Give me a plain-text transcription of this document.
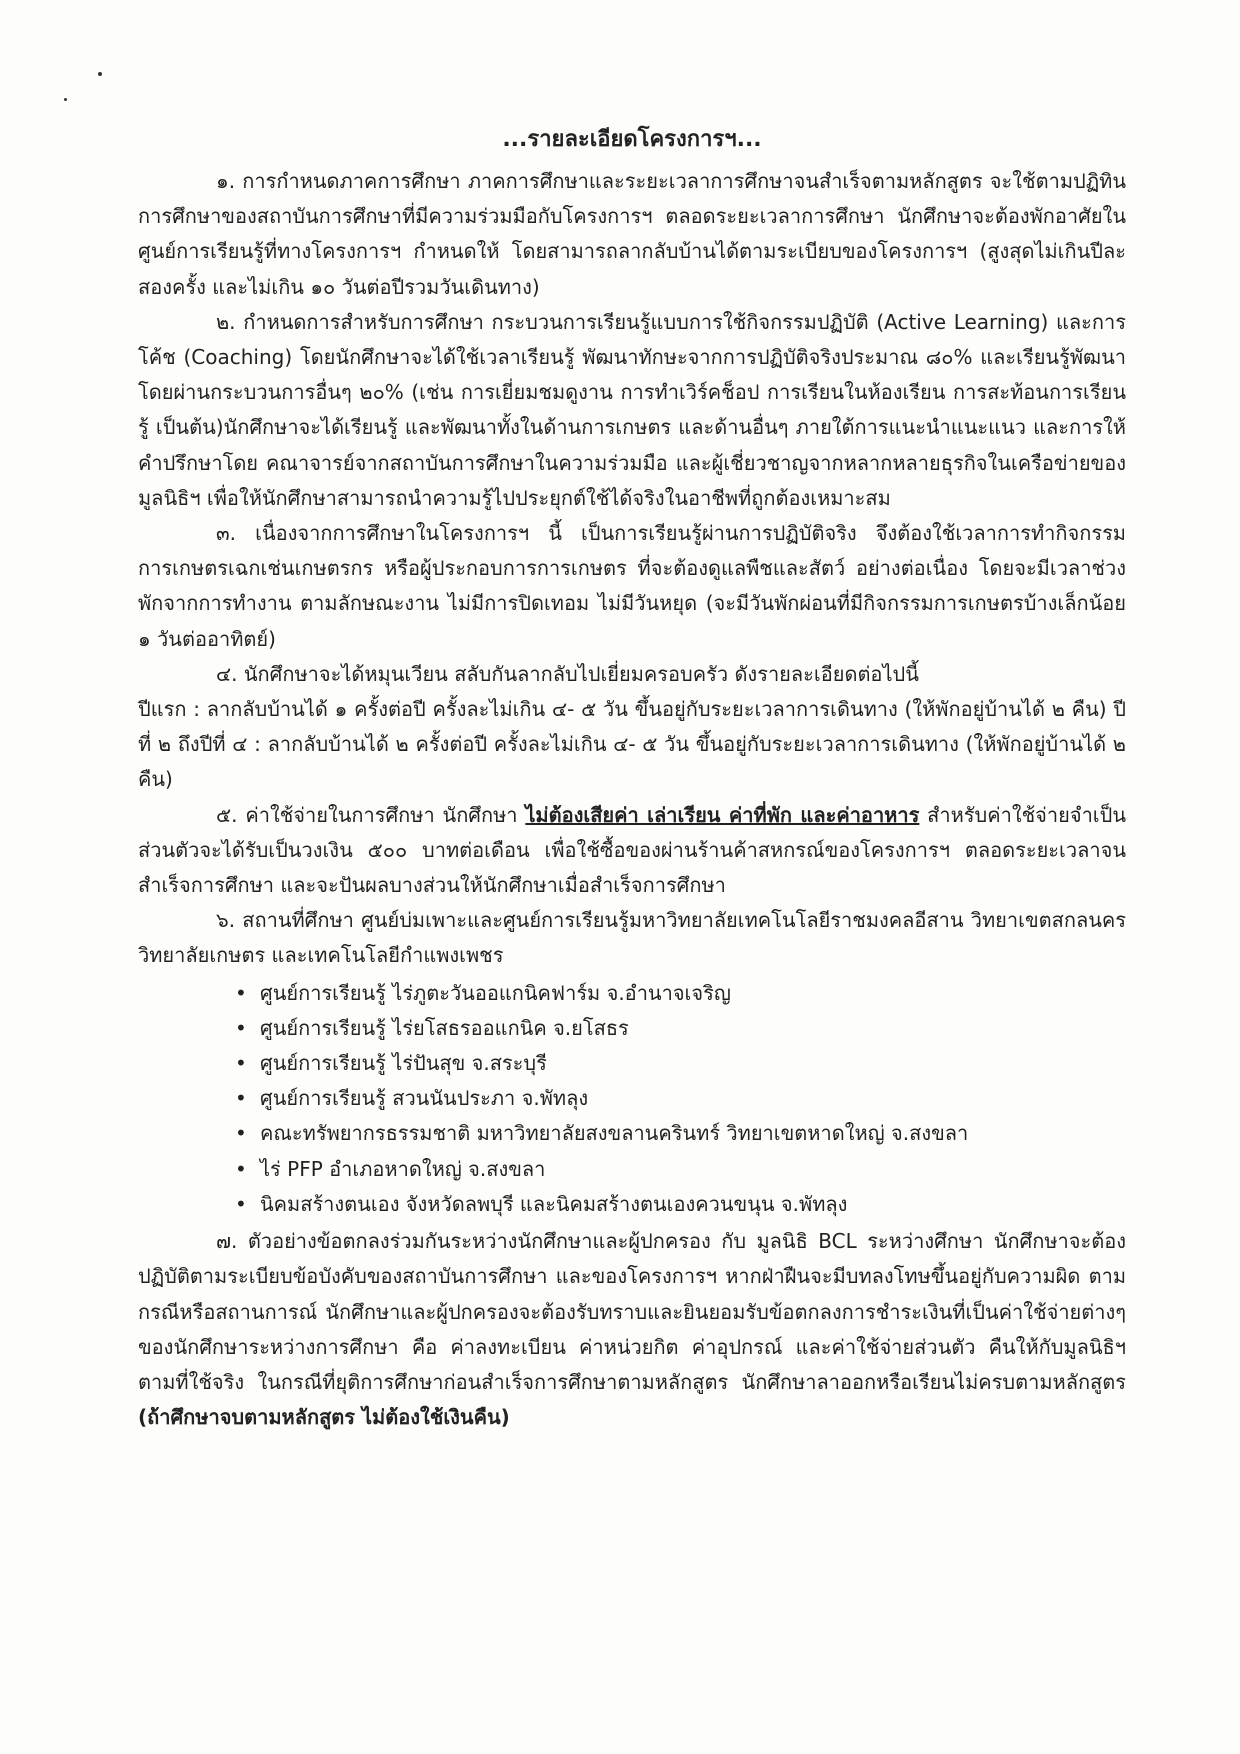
...รายละเอียดโครงการฯ...

๑. การกำหนดภาคการศึกษา ภาคการศึกษาและระยะเวลาการศึกษาจนสำเร็จตามหลักสูตร จะใช้ตามปฏิทินการศึกษาของสถาบันการศึกษาที่มีความร่วมมือกับโครงการฯ ตลอดระยะเวลาการศึกษา นักศึกษาจะต้องพักอาศัยในศูนย์การเรียนรู้ที่ทางโครงการฯ กำหนดให้ โดยสามารถลากลับบ้านได้ตามระเบียบของโครงการฯ (สูงสุดไม่เกินปีละสองครั้ง และไม่เกิน ๑๐ วันต่อปีรวมวันเดินทาง)

๒. กำหนดการสำหรับการศึกษา กระบวนการเรียนรู้แบบการใช้กิจกรรมปฏิบัติ (Active Learning) และการโค้ช (Coaching) โดยนักศึกษาจะได้ใช้เวลาเรียนรู้ พัฒนาทักษะจากการปฏิบัติจริงประมาณ ๘๐% และเรียนรู้พัฒนาโดยผ่านกระบวนการอื่นๆ ๒๐% (เช่น การเยี่ยมชมดูงาน การทำเวิร์คช็อป การเรียนในห้องเรียน การสะท้อนการเรียนรู้ เป็นต้น)นักศึกษาจะได้เรียนรู้ และพัฒนาทั้งในด้านการเกษตร และด้านอื่นๆ ภายใต้การแนะนำแนะแนว และการให้คำปรึกษาโดย คณาจารย์จากสถาบันการศึกษาในความร่วมมือ และผู้เชี่ยวชาญจากหลากหลายธุรกิจในเครือข่ายของมูลนิธิฯ เพื่อให้นักศึกษาสามารถนำความรู้ไปประยุกต์ใช้ได้จริงในอาชีพที่ถูกต้องเหมาะสม

๓. เนื่องจากการศึกษาในโครงการฯ นี้ เป็นการเรียนรู้ผ่านการปฏิบัติจริง จึงต้องใช้เวลาการทำกิจกรรมการเกษตรเฉกเช่นเกษตรกร หรือผู้ประกอบการการเกษตร ที่จะต้องดูแลพืชและสัตว์ อย่างต่อเนื่อง โดยจะมีเวลาช่วงพักจากการทำงาน ตามลักษณะงาน ไม่มีการปิดเทอม ไม่มีวันหยุด (จะมีวันพักผ่อนที่มีกิจกรรมการเกษตรบ้างเล็กน้อย ๑ วันต่ออาทิตย์)

๔. นักศึกษาจะได้หมุนเวียน สลับกันลากลับไปเยี่ยมครอบครัว ดังรายละเอียดต่อไปนี้

ปีแรก : ลากลับบ้านได้ ๑ ครั้งต่อปี ครั้งละไม่เกิน ๔- ๕ วัน ขึ้นอยู่กับระยะเวลาการเดินทาง (ให้พักอยู่บ้านได้ ๒ คืน) ปีที่ ๒ ถึงปีที่ ๔ : ลากลับบ้านได้ ๒ ครั้งต่อปี ครั้งละไม่เกิน ๔- ๕ วัน ขึ้นอยู่กับระยะเวลาการเดินทาง (ให้พักอยู่บ้านได้ ๒ คืน)

๕. ค่าใช้จ่ายในการศึกษา นักศึกษา ไม่ต้องเสียค่า เล่าเรียน ค่าที่พัก และค่าอาหาร สำหรับค่าใช้จ่ายจำเป็นส่วนตัวจะได้รับเป็นวงเงิน ๕๐๐ บาทต่อเดือน เพื่อใช้ซื้อของผ่านร้านค้าสหกรณ์ของโครงการฯ ตลอดระยะเวลาจนสำเร็จการศึกษา และจะปันผลบางส่วนให้นักศึกษาเมื่อสำเร็จการศึกษา

๖. สถานที่ศึกษา ศูนย์บ่มเพาะและศูนย์การเรียนรู้มหาวิทยาลัยเทคโนโลยีราชมงคลอีสาน วิทยาเขตสกลนครวิทยาลัยเกษตร และเทคโนโลยีกำแพงเพชร

• ศูนย์การเรียนรู้ ไร่ภูตะวันออแกนิคฟาร์ม จ.อำนาจเจริญ
• ศูนย์การเรียนรู้ ไร่ยโสธรออแกนิค จ.ยโสธร
• ศูนย์การเรียนรู้ ไร่ปันสุข จ.สระบุรี
• ศูนย์การเรียนรู้ สวนนันประภา จ.พัทลุง
• คณะทรัพยากรธรรมชาติ มหาวิทยาลัยสงขลานครินทร์ วิทยาเขตหาดใหญ่ จ.สงขลา
• ไร่ PFP อำเภอหาดใหญ่ จ.สงขลา
• นิคมสร้างตนเอง จังหวัดลพบุรี และนิคมสร้างตนเองควนขนุน จ.พัทลุง

๗. ตัวอย่างข้อตกลงร่วมกันระหว่างนักศึกษาและผู้ปกครอง กับ มูลนิธิ BCL ระหว่างศึกษา นักศึกษาจะต้องปฏิบัติตามระเบียบข้อบังคับของสถาบันการศึกษา และของโครงการฯ หากฝ่าฝืนจะมีบทลงโทษขึ้นอยู่กับความผิด ตามกรณีหรือสถานการณ์ นักศึกษาและผู้ปกครองจะต้องรับทราบและยินยอมรับข้อตกลงการชำระเงินที่เป็นค่าใช้จ่ายต่างๆ ของนักศึกษาระหว่างการศึกษา คือ ค่าลงทะเบียน ค่าหน่วยกิต ค่าอุปกรณ์ และค่าใช้จ่ายส่วนตัว คืนให้กับมูลนิธิฯ ตามที่ใช้จริง ในกรณีที่ยุติการศึกษาก่อนสำเร็จการศึกษาตามหลักสูตร นักศึกษาลาออกหรือเรียนไม่ครบตามหลักสูตร (ถ้าศึกษาจบตามหลักสูตร ไม่ต้องใช้เงินคืน)
